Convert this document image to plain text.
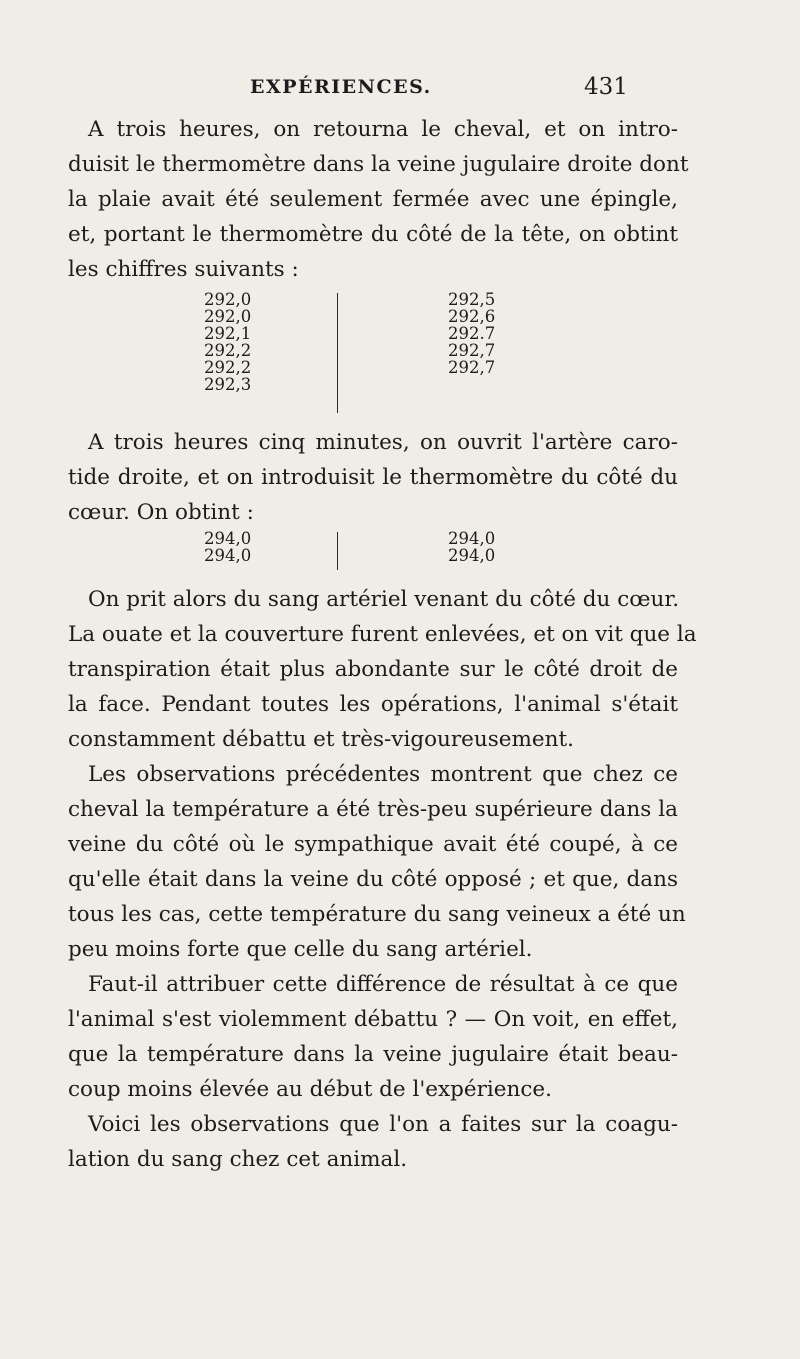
EXPÉRIENCES.	431
A trois heures, on retourna le cheval, et on intro-
duisit le thermomètre dans la veine jugulaire droite dont
la plaie avait été seulement fermée avec une épingle,
et, portant le thermomètre du côté de la tête, on obtint
les chiffres suivants :
292,0
292,0
292,1
292,2
292,2
292,3
292,5
292,6
292.7
292,7
292,7
A trois heures cinq minutes, on ouvrit l'artère caro-
tide droite, et on introduisit le thermomètre du côté du
cœur. On obtint :
294,0
294,0
294,0
294,0
On prit alors du sang artériel venant du côté du cœur.
La ouate et la couverture furent enlevées, et on vit que la
transpiration était plus abondante sur le côté droit de
la face. Pendant toutes les opérations, l'animal s'était
constamment débattu et très-vigoureusement.
Les observations précédentes montrent que chez ce
cheval la température a été très-peu supérieure dans la
veine du côté où le sympathique avait été coupé, à ce
qu'elle était dans la veine du côté opposé ; et que, dans
tous les cas, cette température du sang veineux a été un
peu moins forte que celle du sang artériel.
Faut-il attribuer cette différence de résultat à ce que
l'animal s'est violemment débattu ? — On voit, en effet,
que la température dans la veine jugulaire était beau-
coup moins élevée au début de l'expérience.
Voici les observations que l'on a faites sur la coagu-
lation du sang chez cet animal.
